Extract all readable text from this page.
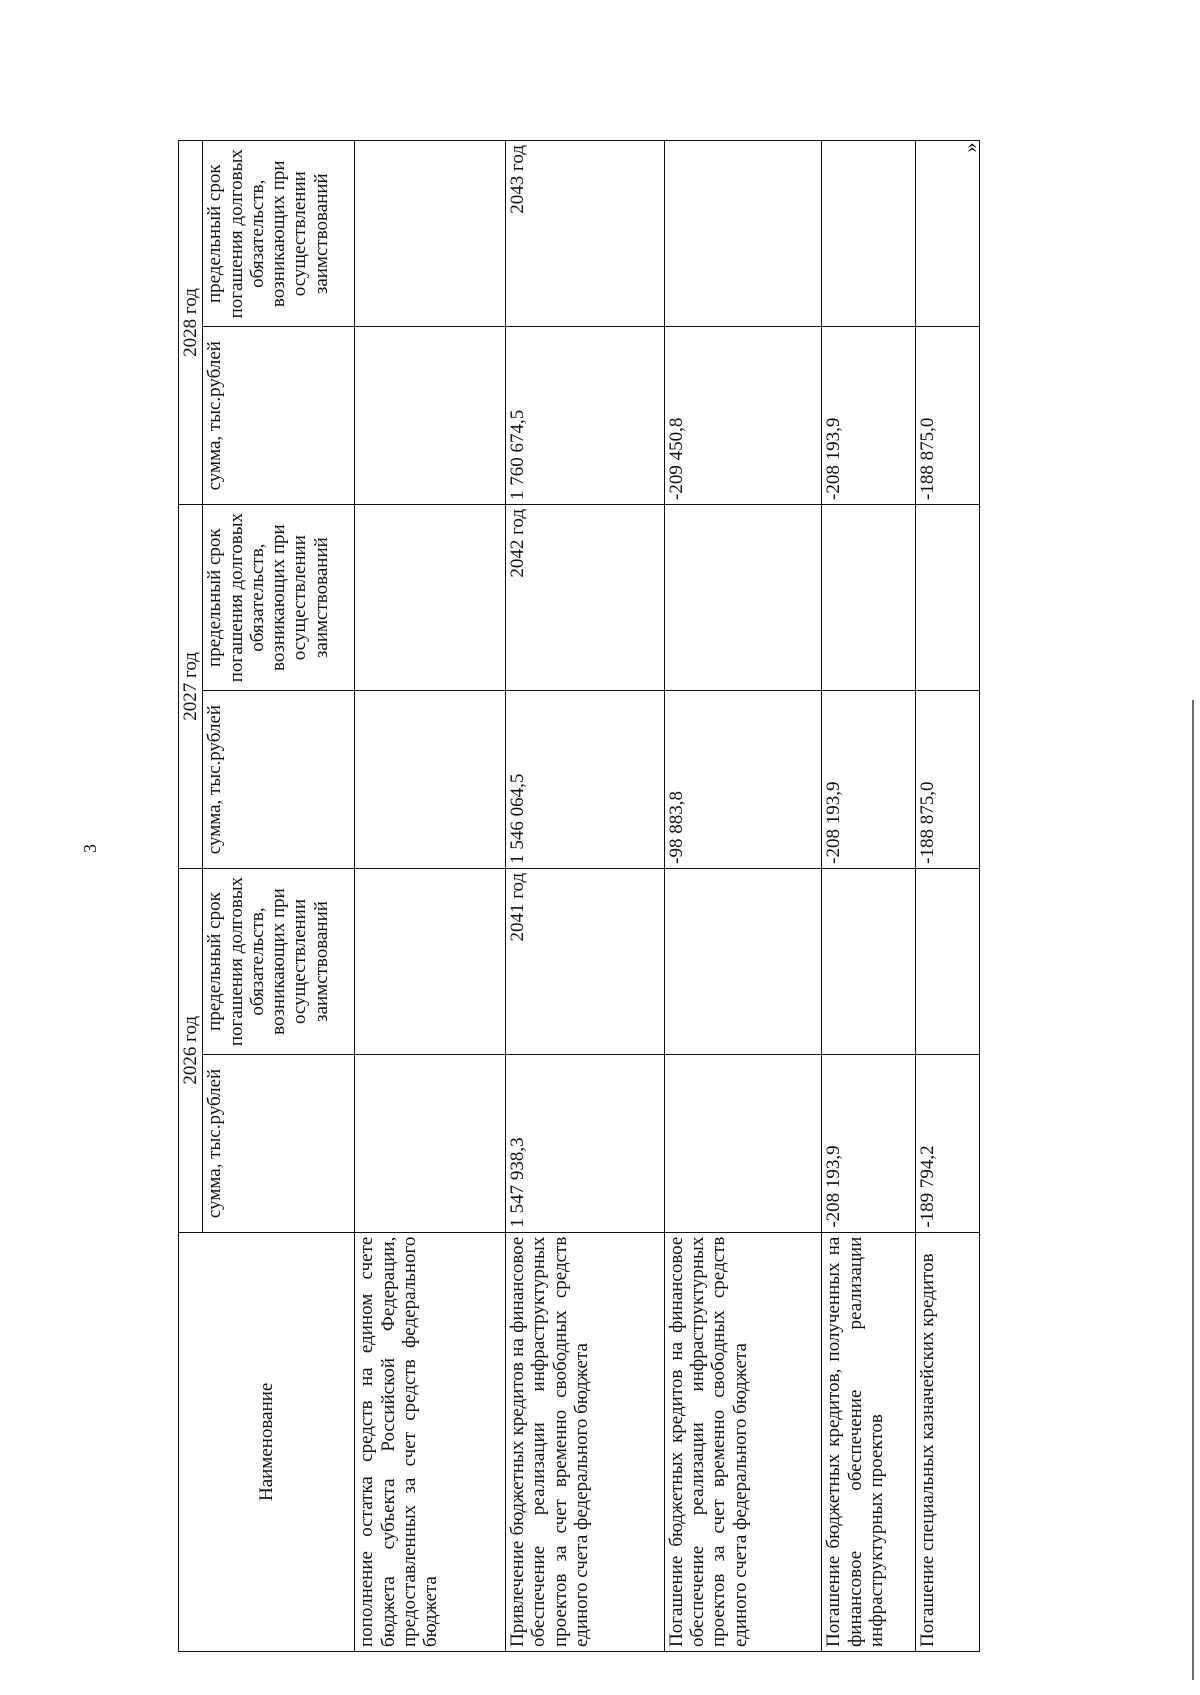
3
»
Наименование	2026 год		2027 год		2028 год	
	сумма, тыс.рублей	предельный срок погашения долговых обязательств, возникающих при осуществлении заимствований	сумма, тыс.рублей	предельный срок погашения долговых обязательств, возникающих при осуществлении заимствований	сумма, тыс.рублей	предельный срок погашения долговых обязательств, возникающих при осуществлении заимствований
пополнение остатка средств на едином счете бюджета субъекта Российской Федерации, предоставленных за счет средств федерального бюджета						
Привлечение бюджетных кредитов на финансовое обеспечение реализации инфраструктурных проектов за счет временно свободных средств единого счета федерального бюджета	1 547 938,3	2041 год	1 546 064,5	2042 год	1 760 674,5	2043 год
Погашение бюджетных кредитов на финансовое обеспечение реализации инфраструктурных проектов за счет временно свободных средств единого счета федерального бюджета			-98 883,8		-209 450,8	
Погашение бюджетных кредитов, полученных на финансовое обеспечение реализации инфраструктурных проектов	-208 193,9		-208 193,9		-208 193,9	
Погашение специальных казначейских кредитов	-189 794,2		-188 875,0		-188 875,0	
